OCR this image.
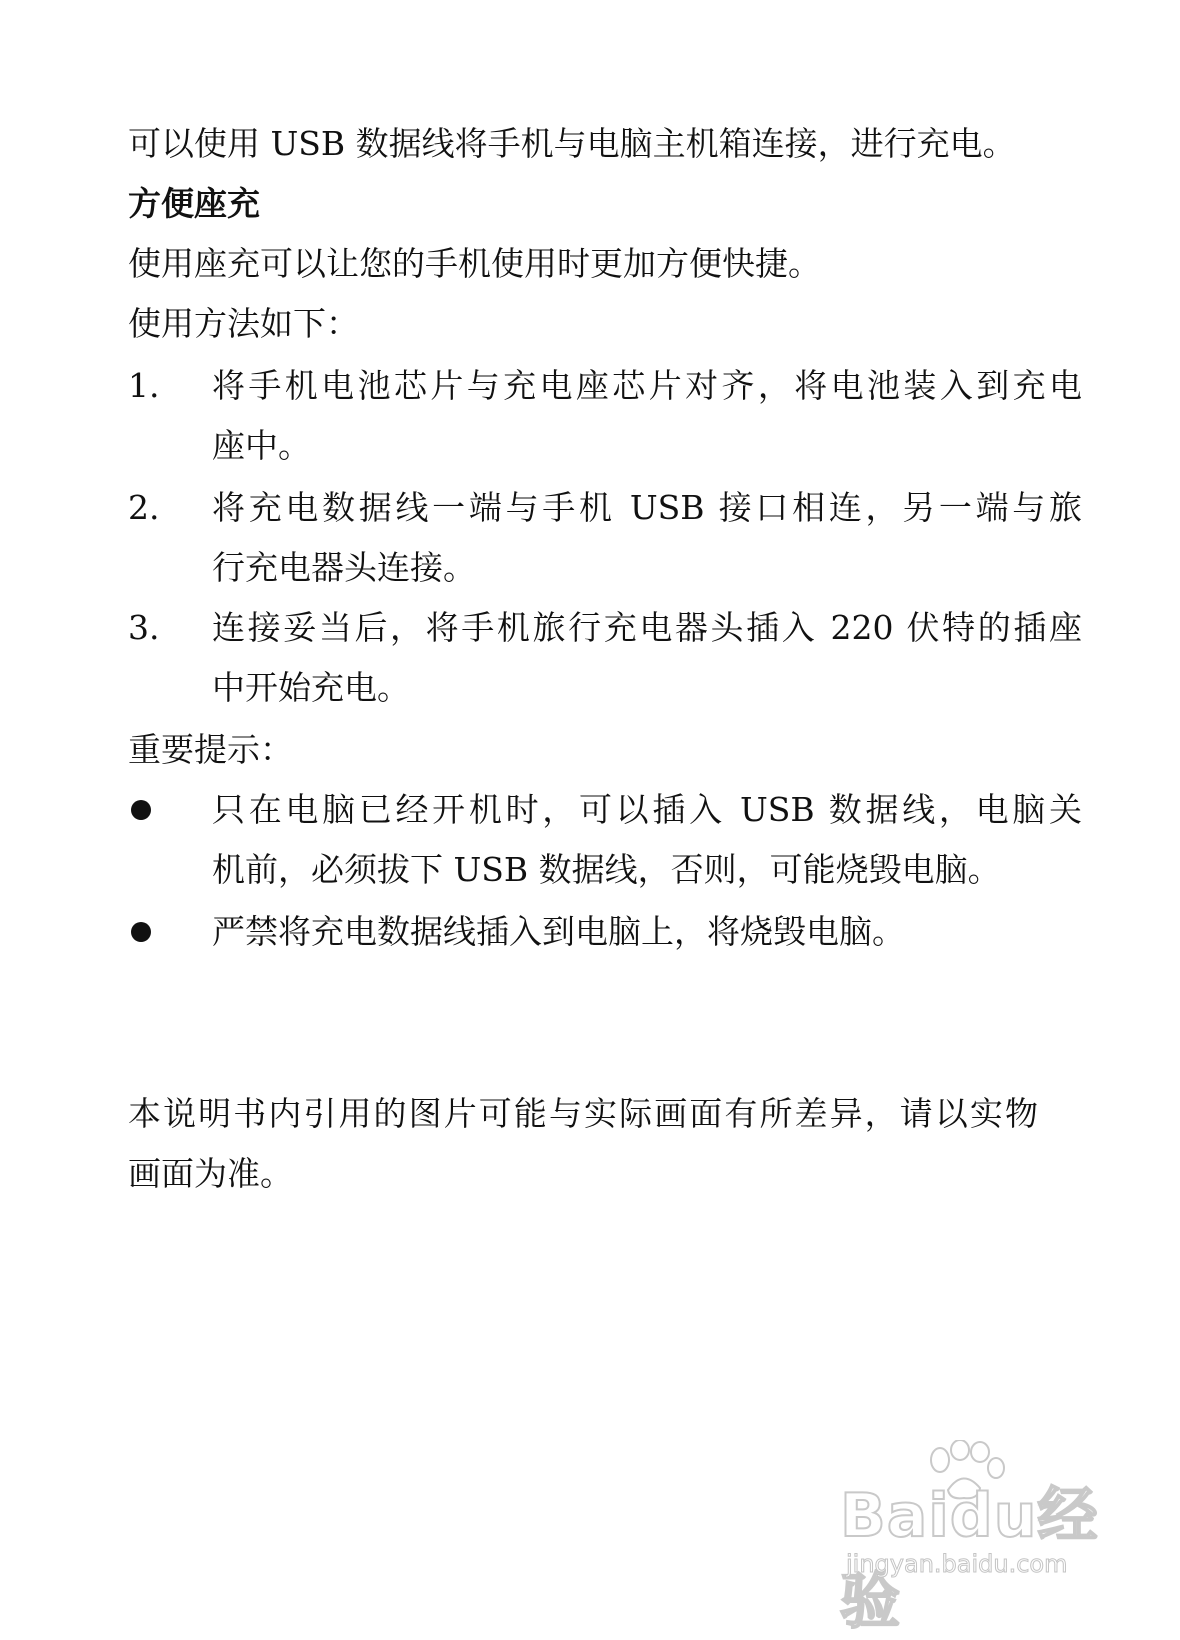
可以使用 USB 数据线将手机与电脑主机箱连接，进行充电。
方便座充
使用座充可以让您的手机使用时更加方便快捷。
使用方法如下：
1. 将手机电池芯片与充电座芯片对齐，将电池装入到充电
座中。
2. 将充电数据线一端与手机 USB 接口相连，另一端与旅
行充电器头连接。
3. 连接妥当后，将手机旅行充电器头插入 220 伏特的插座
中开始充电。
重要提示：
只在电脑已经开机时，可以插入 USB 数据线，电脑关
机前，必须拔下 USB 数据线，否则，可能烧毁电脑。
严禁将充电数据线插入到电脑上，将烧毁电脑。
本说明书内引用的图片可能与实际画面有所差异，请以实物
画面为准。
Baidu经验
jingyan.baidu.com
